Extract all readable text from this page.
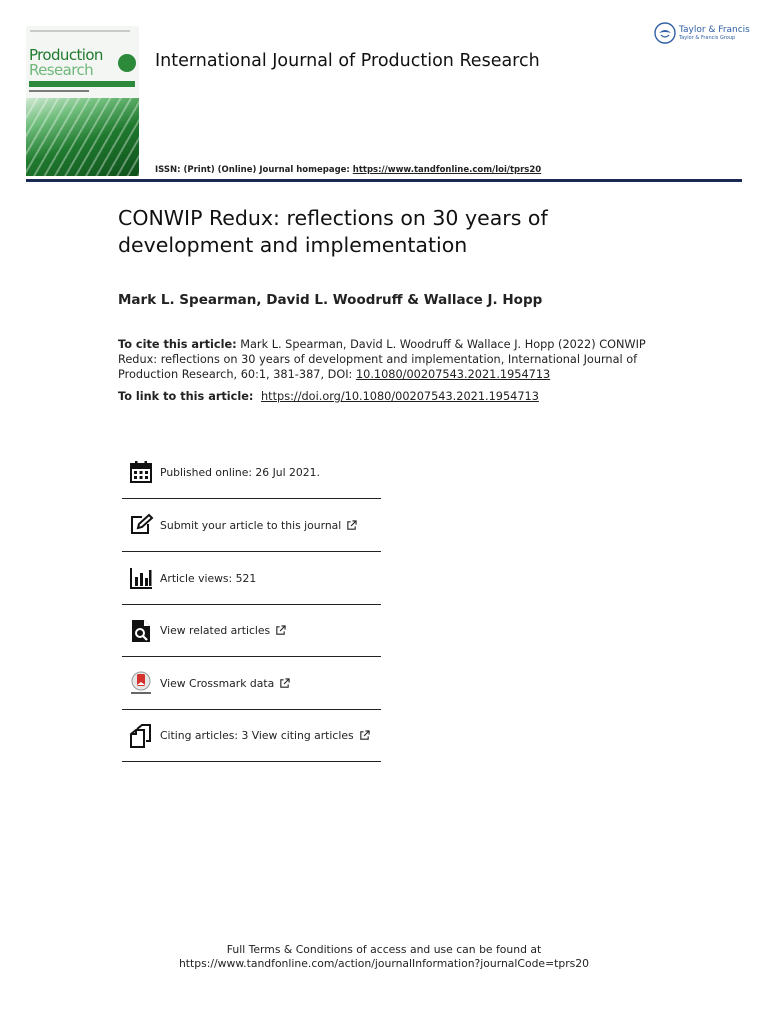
Production
Research	International Journal of Production Research
ISSN: (Print) (Online) Journal homepage: https://www.tandfonline.com/loi/tprs20
Taylor & Francis
Taylor & Francis Group
CONWIP Redux: reflections on 30 years of development and implementation
Mark L. Spearman, David L. Woodruff & Wallace J. Hopp
To cite this article: Mark L. Spearman, David L. Woodruff & Wallace J. Hopp (2022) CONWIP Redux: reflections on 30 years of development and implementation, International Journal of Production Research, 60:1, 381-387, DOI: 10.1080/00207543.2021.1954713
To link to this article: https://doi.org/10.1080/00207543.2021.1954713
Published online: 26 Jul 2021.
Submit your article to this journal
Article views: 521
View related articles
View Crossmark data
Citing articles: 3 View citing articles
Full Terms & Conditions of access and use can be found at
https://www.tandfonline.com/action/journalInformation?journalCode=tprs20
